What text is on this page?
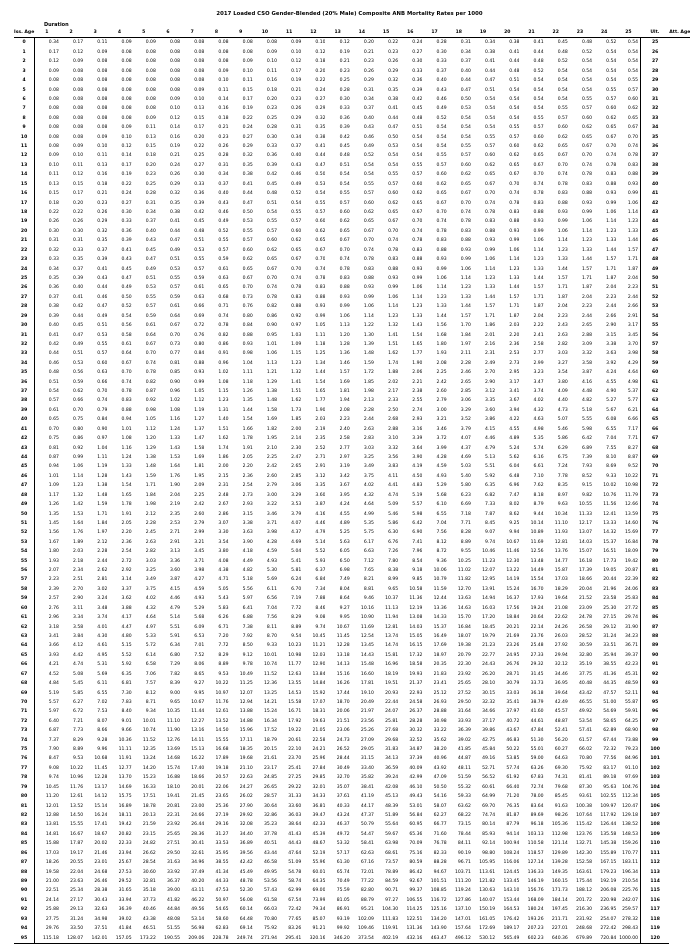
2017 Loaded CSO Gender-Blended (20% Male) Composite ANB Mortality Rates per 1000
Duration
Iss. Age	1	2	3	4	5	6	7	8	9	10	11	12	13	14	15	16	17	18	19	20	21	22	23	24	25	Ult.	Att. Age
0	0.34	0.17	0.11	0.09	0.09	0.08	0.08	0.08	0.08	0.08	0.09	0.10	0.12	0.20	0.22	0.24	0.28	0.31	0.34	0.38	0.41	0.45	0.48	0.52	0.54	25	
1	0.17	0.12	0.09	0.08	0.08	0.08	0.08	0.08	0.08	0.09	0.10	0.12	0.19	0.21	0.23	0.27	0.30	0.34	0.38	0.41	0.44	0.48	0.52	0.54	0.54	26	
2	0.12	0.09	0.08	0.08	0.08	0.08	0.08	0.08	0.09	0.10	0.12	0.18	0.21	0.23	0.26	0.30	0.33	0.37	0.41	0.44	0.48	0.52	0.54	0.54	0.54	27	
3	0.09	0.08	0.08	0.08	0.08	0.08	0.08	0.09	0.10	0.11	0.17	0.20	0.23	0.26	0.29	0.33	0.37	0.40	0.44	0.48	0.52	0.54	0.54	0.54	0.54	28	
4	0.08	0.08	0.08	0.08	0.08	0.08	0.08	0.10	0.11	0.16	0.19	0.22	0.25	0.29	0.32	0.36	0.40	0.44	0.47	0.51	0.54	0.54	0.54	0.54	0.55	29	
5	0.08	0.08	0.08	0.08	0.08	0.08	0.09	0.11	0.15	0.18	0.21	0.24	0.28	0.31	0.35	0.39	0.43	0.47	0.51	0.54	0.54	0.54	0.54	0.55	0.57	30	
6	0.08	0.08	0.08	0.08	0.08	0.09	0.10	0.14	0.17	0.20	0.23	0.27	0.30	0.34	0.38	0.42	0.46	0.50	0.54	0.54	0.54	0.54	0.55	0.57	0.60	31	
7	0.08	0.08	0.08	0.08	0.08	0.10	0.13	0.16	0.19	0.23	0.26	0.29	0.33	0.37	0.41	0.45	0.49	0.53	0.54	0.54	0.54	0.55	0.57	0.60	0.62	32	
8	0.08	0.08	0.08	0.08	0.09	0.12	0.15	0.18	0.22	0.25	0.29	0.32	0.36	0.40	0.44	0.48	0.52	0.54	0.54	0.54	0.55	0.57	0.60	0.62	0.65	33	
9	0.08	0.08	0.08	0.09	0.11	0.14	0.17	0.21	0.24	0.28	0.31	0.35	0.39	0.43	0.47	0.51	0.54	0.54	0.54	0.55	0.57	0.60	0.62	0.65	0.67	34	
10	0.08	0.08	0.09	0.10	0.13	0.16	0.20	0.23	0.27	0.30	0.34	0.38	0.42	0.46	0.50	0.54	0.54	0.54	0.55	0.57	0.60	0.62	0.65	0.67	0.70	35	
11	0.08	0.09	0.10	0.12	0.15	0.19	0.22	0.26	0.29	0.33	0.37	0.41	0.45	0.49	0.53	0.54	0.54	0.55	0.57	0.60	0.62	0.65	0.67	0.70	0.74	36	
12	0.09	0.10	0.11	0.14	0.18	0.21	0.25	0.28	0.32	0.36	0.40	0.44	0.48	0.52	0.54	0.54	0.55	0.57	0.60	0.62	0.65	0.67	0.70	0.74	0.78	37	
13	0.10	0.11	0.13	0.17	0.20	0.24	0.27	0.31	0.35	0.39	0.43	0.47	0.51	0.54	0.54	0.55	0.57	0.60	0.62	0.65	0.67	0.70	0.74	0.78	0.83	38	
14	0.11	0.12	0.16	0.19	0.23	0.26	0.30	0.34	0.38	0.42	0.46	0.50	0.54	0.54	0.55	0.57	0.60	0.62	0.65	0.67	0.70	0.74	0.78	0.83	0.88	39	
15	0.13	0.15	0.18	0.22	0.25	0.29	0.33	0.37	0.41	0.45	0.49	0.53	0.54	0.55	0.57	0.60	0.62	0.65	0.67	0.70	0.74	0.78	0.83	0.88	0.93	40	
16	0.15	0.17	0.21	0.24	0.28	0.32	0.36	0.40	0.44	0.48	0.52	0.54	0.55	0.57	0.60	0.62	0.65	0.67	0.70	0.74	0.78	0.83	0.88	0.93	0.99	41	
17	0.18	0.20	0.23	0.27	0.31	0.35	0.39	0.43	0.47	0.51	0.54	0.55	0.57	0.60	0.62	0.65	0.67	0.70	0.74	0.78	0.83	0.88	0.93	0.99	1.06	42	
18	0.22	0.22	0.26	0.30	0.34	0.38	0.42	0.46	0.50	0.54	0.55	0.57	0.60	0.62	0.65	0.67	0.70	0.74	0.78	0.83	0.88	0.93	0.99	1.06	1.14	43	
19	0.26	0.26	0.29	0.33	0.37	0.41	0.45	0.49	0.53	0.55	0.57	0.60	0.62	0.65	0.67	0.70	0.74	0.78	0.83	0.88	0.93	0.99	1.06	1.14	1.23	44	
20	0.30	0.30	0.32	0.36	0.40	0.44	0.48	0.52	0.55	0.57	0.60	0.62	0.65	0.67	0.70	0.74	0.78	0.83	0.88	0.93	0.99	1.06	1.14	1.23	1.33	45	
21	0.31	0.31	0.35	0.39	0.43	0.47	0.51	0.55	0.57	0.60	0.62	0.65	0.67	0.70	0.74	0.78	0.83	0.88	0.93	0.99	1.06	1.14	1.23	1.33	1.44	46	
22	0.32	0.33	0.37	0.41	0.45	0.49	0.53	0.57	0.60	0.62	0.65	0.67	0.70	0.74	0.78	0.83	0.88	0.93	0.99	1.06	1.14	1.23	1.33	1.44	1.57	47	
23	0.33	0.35	0.39	0.43	0.47	0.51	0.55	0.59	0.62	0.65	0.67	0.70	0.74	0.78	0.83	0.88	0.93	0.99	1.06	1.14	1.23	1.33	1.44	1.57	1.71	48	
24	0.34	0.37	0.41	0.45	0.49	0.53	0.57	0.61	0.65	0.67	0.70	0.74	0.78	0.83	0.88	0.93	0.99	1.06	1.14	1.23	1.33	1.44	1.57	1.71	1.87	49	
25	0.35	0.39	0.43	0.47	0.51	0.55	0.59	0.63	0.67	0.70	0.74	0.78	0.83	0.88	0.93	0.99	1.06	1.14	1.23	1.33	1.44	1.57	1.71	1.87	2.04	50	
26	0.36	0.40	0.44	0.49	0.53	0.57	0.61	0.65	0.70	0.74	0.78	0.83	0.88	0.93	0.99	1.06	1.14	1.23	1.33	1.44	1.57	1.71	1.87	2.04	2.23	51	
27	0.37	0.41	0.46	0.50	0.55	0.59	0.63	0.68	0.73	0.78	0.83	0.88	0.93	0.99	1.06	1.14	1.23	1.33	1.44	1.57	1.71	1.87	2.04	2.23	2.44	52	
28	0.38	0.42	0.47	0.52	0.57	0.61	0.66	0.71	0.76	0.82	0.88	0.93	0.99	1.06	1.14	1.23	1.33	1.44	1.57	1.71	1.87	2.04	2.23	2.44	2.66	53	
29	0.39	0.44	0.49	0.54	0.59	0.64	0.69	0.74	0.80	0.86	0.92	0.99	1.06	1.14	1.23	1.33	1.44	1.57	1.71	1.87	2.04	2.23	2.44	2.66	2.91	54	
30	0.40	0.45	0.51	0.56	0.61	0.67	0.72	0.78	0.84	0.90	0.97	1.05	1.13	1.22	1.32	1.43	1.56	1.70	1.86	2.03	2.22	2.43	2.65	2.90	3.17	55	
31	0.41	0.47	0.53	0.58	0.64	0.70	0.76	0.82	0.88	0.95	1.03	1.11	1.20	1.30	1.41	1.54	1.68	1.84	2.01	2.20	2.41	2.63	2.88	3.15	3.45	56	
32	0.42	0.49	0.55	0.61	0.67	0.73	0.80	0.86	0.93	1.01	1.09	1.18	1.28	1.39	1.51	1.65	1.80	1.97	2.16	2.36	2.58	2.82	3.09	3.38	3.70	57	
33	0.44	0.51	0.57	0.64	0.70	0.77	0.84	0.91	0.98	1.06	1.15	1.25	1.36	1.48	1.62	1.77	1.93	2.11	2.31	2.53	2.77	3.03	3.32	3.63	3.98	58	
34	0.46	0.53	0.60	0.67	0.74	0.81	0.88	0.96	1.04	1.13	1.23	1.34	1.46	1.59	1.74	1.90	2.08	2.28	2.49	2.73	2.99	3.27	3.58	3.92	4.29	59	
35	0.48	0.56	0.63	0.70	0.78	0.85	0.93	1.02	1.11	1.21	1.32	1.44	1.57	1.72	1.88	2.06	2.25	2.46	2.70	2.95	3.23	3.54	3.87	4.24	4.64	60	
36	0.51	0.59	0.66	0.74	0.82	0.90	0.99	1.08	1.18	1.29	1.41	1.54	1.69	1.85	2.02	2.21	2.42	2.65	2.90	3.17	3.47	3.80	4.16	4.55	4.98	61	
37	0.54	0.62	0.70	0.78	0.87	0.96	1.05	1.15	1.26	1.38	1.51	1.65	1.81	1.98	2.17	2.38	2.60	2.85	3.12	3.41	3.74	4.09	4.48	4.90	5.37	62	
38	0.57	0.66	0.74	0.83	0.92	1.02	1.12	1.23	1.35	1.48	1.62	1.77	1.94	2.13	2.33	2.55	2.79	3.06	3.35	3.67	4.02	4.40	4.82	5.27	5.77	63	
39	0.61	0.70	0.79	0.88	0.98	1.08	1.19	1.31	1.44	1.58	1.73	1.90	2.08	2.28	2.50	2.74	3.00	3.29	3.60	3.94	4.32	4.73	5.18	5.67	6.21	64	
40	0.65	0.75	0.84	0.94	1.05	1.16	1.27	1.40	1.54	1.69	1.85	2.03	2.23	2.44	2.68	2.93	3.21	3.52	3.86	4.22	4.63	5.07	5.55	6.08	6.66	65	
41	0.70	0.80	0.90	1.01	1.12	1.24	1.37	1.51	1.66	1.82	2.00	2.19	2.40	2.63	2.88	3.16	3.46	3.79	4.15	4.55	4.98	5.46	5.98	6.55	7.17	66	
42	0.75	0.86	0.97	1.08	1.20	1.33	1.47	1.62	1.78	1.95	2.14	2.35	2.58	2.83	3.10	3.39	3.72	4.07	4.46	4.89	5.35	5.86	6.42	7.04	7.71	67	
43	0.81	0.92	1.04	1.16	1.29	1.43	1.58	1.74	1.91	2.10	2.30	2.52	2.77	3.03	3.32	3.64	3.99	4.37	4.79	5.24	5.74	6.29	6.89	7.55	8.27	68	
44	0.87	0.99	1.11	1.24	1.38	1.53	1.69	1.86	2.05	2.25	2.47	2.71	2.97	3.25	3.56	3.90	4.28	4.69	5.13	5.62	6.16	6.75	7.39	8.10	8.87	69	
45	0.94	1.06	1.19	1.33	1.48	1.64	1.81	2.00	2.20	2.42	2.65	2.91	3.19	3.49	3.83	4.19	4.59	5.03	5.51	6.04	6.61	7.24	7.93	8.69	9.52	70	
46	1.01	1.14	1.28	1.43	1.59	1.76	1.95	2.15	2.36	2.60	2.85	3.12	3.42	3.75	4.11	4.50	4.93	5.40	5.92	6.48	7.10	7.78	8.52	9.33	10.22	71	
47	1.09	1.23	1.38	1.54	1.71	1.90	2.09	2.31	2.54	2.79	3.06	3.35	3.67	4.02	4.41	4.83	5.29	5.80	6.35	6.96	7.62	8.35	9.15	10.02	10.98	72	
48	1.17	1.32	1.48	1.65	1.84	2.04	2.25	2.48	2.73	3.00	3.29	3.60	3.95	4.32	4.74	5.19	5.68	6.23	6.82	7.47	8.18	8.97	9.82	10.76	11.79	73	
49	1.26	1.42	1.59	1.78	1.98	2.19	2.42	2.67	2.93	3.22	3.53	3.87	4.24	4.64	5.09	5.57	6.10	6.69	7.33	8.02	8.79	9.63	10.55	11.56	12.66	74	
50	1.35	1.53	1.71	1.91	2.12	2.35	2.60	2.86	3.15	3.46	3.79	4.16	4.55	4.99	5.46	5.98	6.55	7.18	7.87	8.62	9.44	10.34	11.33	12.41	13.59	75	
51	1.45	1.64	1.84	2.05	2.28	2.53	2.79	3.07	3.38	3.71	4.07	4.46	4.89	5.35	5.86	6.42	7.04	7.71	8.45	9.25	10.14	11.10	12.17	13.33	14.60	76	
52	1.56	1.76	1.97	2.20	2.45	2.71	2.99	3.30	3.63	3.98	4.37	4.79	5.25	5.75	6.30	6.90	7.56	8.28	9.07	9.94	10.89	11.93	13.07	14.32	15.69	77	
53	1.67	1.89	2.12	2.36	2.63	2.91	3.21	3.54	3.90	4.28	4.69	5.14	5.63	6.17	6.76	7.41	8.12	8.89	9.74	10.67	11.69	12.81	14.03	15.37	16.84	78	
54	1.80	2.03	2.28	2.54	2.82	3.13	3.45	3.80	4.18	4.59	5.04	5.52	6.05	6.63	7.26	7.96	8.72	9.55	10.46	11.46	12.56	13.76	15.07	16.51	18.09	79	
55	1.93	2.18	2.44	2.72	3.03	3.36	3.71	4.08	4.49	4.93	5.41	5.93	6.50	7.12	7.80	8.54	9.36	10.25	11.23	12.30	13.48	14.77	16.18	17.73	19.42	80	
56	2.07	2.34	2.62	2.92	3.25	3.60	3.98	4.38	4.82	5.30	5.81	6.37	6.98	7.65	8.38	9.18	10.06	11.02	12.07	13.22	14.49	15.87	17.39	19.05	20.87	81	
57	2.23	2.51	2.81	3.14	3.49	3.87	4.27	4.71	5.18	5.69	6.24	6.84	7.49	8.21	8.99	9.85	10.79	11.82	12.95	14.19	15.54	17.03	18.66	20.44	22.39	82	
58	2.39	2.70	3.02	3.37	3.75	4.15	4.59	5.05	5.56	6.11	6.70	7.34	8.04	8.81	9.65	10.58	11.59	12.70	13.91	15.24	16.70	18.29	20.04	21.96	24.06	83	
59	2.57	2.90	3.24	3.62	4.02	4.46	4.93	5.43	5.97	6.56	7.19	7.88	8.64	9.46	10.37	11.36	12.44	13.63	14.94	16.37	17.93	19.64	21.52	23.58	25.83	84	
60	2.76	3.11	3.48	3.88	4.32	4.79	5.29	5.83	6.41	7.04	7.72	8.46	9.27	10.16	11.13	12.19	13.36	14.63	16.03	17.56	19.24	21.08	23.09	25.30	27.72	85	
61	2.96	3.34	3.74	4.17	4.64	5.14	5.68	6.26	6.88	7.56	8.29	9.08	9.95	10.90	11.94	13.08	14.33	15.70	17.20	18.84	20.64	22.62	24.78	27.15	29.74	86	
62	3.18	3.58	4.01	4.47	4.97	5.51	6.09	6.71	7.38	8.11	8.89	9.74	10.67	11.69	12.81	14.03	15.37	16.84	18.45	20.21	22.14	24.26	26.58	29.12	31.90	87	
63	3.41	3.84	4.30	4.80	5.33	5.91	6.53	7.20	7.92	8.70	9.54	10.45	11.45	12.54	13.74	15.05	16.49	18.07	19.79	21.69	23.76	26.03	28.52	31.24	34.23	88	
64	3.66	4.12	4.61	5.15	5.72	6.34	7.01	7.72	8.50	9.33	10.23	11.21	12.28	13.45	14.74	16.15	17.69	19.38	21.23	23.26	25.48	27.92	30.59	33.51	36.71	89	
65	3.93	4.42	4.95	5.52	6.14	6.80	7.52	8.29	9.12	10.01	10.98	12.03	13.18	14.43	15.81	17.32	18.97	20.79	22.77	24.95	27.33	29.94	32.80	35.94	39.37	90	
66	4.21	4.74	5.31	5.92	6.58	7.29	8.06	8.89	9.78	10.74	11.77	12.90	14.13	15.48	16.96	18.58	20.35	22.30	24.43	26.76	29.32	32.12	35.19	38.55	42.23	91	
67	4.52	5.08	5.69	6.35	7.06	7.82	8.65	9.53	10.49	11.52	12.63	13.84	15.16	16.60	18.19	19.93	21.83	23.92	26.20	28.71	31.45	34.46	37.75	41.36	45.31	92	
68	4.84	5.45	6.11	6.81	7.57	8.39	9.27	10.22	11.25	12.36	13.55	14.84	16.26	17.81	19.51	21.37	23.41	25.65	28.10	30.79	33.73	36.95	40.48	44.35	48.59	93	
69	5.19	5.85	6.55	7.30	8.12	9.00	9.95	10.97	12.07	13.25	14.53	15.92	17.44	19.10	20.93	22.93	25.12	27.52	30.15	33.03	36.18	39.64	43.42	47.57	52.11	94	
70	5.57	6.27	7.02	7.83	8.71	9.65	10.67	11.76	12.94	14.21	15.58	17.07	18.70	20.49	22.44	24.58	26.93	29.50	32.32	35.41	38.79	42.49	46.55	51.00	55.87	95	
71	5.97	6.72	7.53	8.40	9.34	10.35	11.44	12.61	13.88	15.24	16.71	18.31	20.06	21.97	24.07	26.37	28.88	31.64	34.66	37.97	41.60	45.57	49.92	54.69	59.91	96	
72	6.40	7.21	8.07	9.01	10.01	11.10	12.27	13.52	14.88	16.34	17.92	19.63	21.51	23.56	25.81	28.28	30.98	33.93	37.17	40.72	44.61	48.87	53.54	58.65	64.25	97	
73	6.87	7.73	8.66	9.66	10.74	11.90	13.16	14.50	15.96	17.52	19.22	21.05	23.06	25.26	27.68	30.32	33.22	36.39	39.86	43.67	47.84	52.41	57.41	62.89	68.90	98	
74	7.37	8.29	9.28	10.36	11.52	12.76	14.11	15.55	17.11	18.79	20.61	22.58	24.73	27.09	29.68	32.52	35.62	39.02	42.75	46.83	51.30	56.20	61.57	67.44	73.88	99	
75	7.90	8.89	9.96	11.11	12.35	13.69	15.13	16.68	18.35	20.15	22.10	24.21	26.52	29.05	31.83	34.87	38.20	41.85	45.84	50.22	55.01	60.27	66.02	72.32	79.23	100	
76	8.47	9.53	10.68	11.91	13.24	14.68	16.22	17.89	19.68	21.61	23.70	25.96	28.44	31.15	34.13	37.39	40.96	44.87	49.16	53.85	59.00	64.63	70.80	77.56	84.96	101	
77	9.08	10.22	11.45	12.77	14.20	15.74	17.40	19.18	21.10	23.17	25.41	27.84	30.49	33.40	36.59	40.09	43.92	48.11	52.71	57.74	63.26	69.30	75.92	83.17	91.10	102	
78	9.74	10.96	12.28	13.70	15.23	16.88	18.66	20.57	22.63	24.85	27.25	29.85	32.70	35.82	39.24	42.99	47.09	51.59	56.52	61.92	67.83	74.31	81.41	89.18	97.69	103	
79	10.45	11.76	13.17	14.69	16.33	18.10	20.01	22.06	24.27	26.65	29.22	32.01	35.07	38.41	42.08	46.10	50.50	55.32	60.61	66.40	72.74	79.68	87.30	95.63	104.76	104	
80	11.20	12.61	14.12	15.75	17.51	19.41	21.45	23.65	26.02	28.57	31.33	34.33	37.61	41.19	45.13	49.43	54.16	59.33	64.99	71.20	78.00	85.45	93.61	102.55	112.34	105	
81	12.01	13.52	15.14	16.89	18.78	20.81	23.00	25.36	27.90	30.64	33.60	36.81	40.33	44.17	48.39	53.01	58.07	63.62	69.70	76.35	83.64	91.63	100.38	109.97	120.47	106	
82	12.88	14.50	16.24	18.11	20.13	22.31	24.66	27.19	29.92	32.86	36.03	39.47	43.24	47.37	51.89	56.84	62.27	68.22	74.74	81.87	89.69	98.26	107.64	117.92	129.18	107	
83	13.81	15.55	17.41	19.42	21.59	23.92	26.44	29.16	32.08	35.23	38.64	42.33	46.37	50.79	55.64	60.95	66.77	73.15	80.14	87.79	96.18	105.36	115.42	126.44	138.52	108	
84	14.81	16.67	18.67	20.82	23.15	25.65	28.36	31.27	34.40	37.78	41.43	45.39	49.72	54.47	59.67	65.36	71.60	78.44	85.93	94.14	103.13	112.98	123.76	135.58	148.53	109	
85	15.88	17.87	20.02	22.33	24.82	27.51	30.41	33.53	36.89	40.51	44.43	48.67	53.32	58.41	63.98	70.09	76.78	84.11	92.14	100.94	110.58	121.14	132.71	145.38	159.26	110	
86	17.03	19.17	21.46	23.94	26.62	29.50	32.61	35.95	39.56	43.44	47.64	52.19	57.17	62.63	68.61	75.16	82.33	90.19	98.80	108.24	118.57	129.89	142.30	155.89	170.77	111	
87	18.26	20.55	23.01	25.67	28.54	31.63	34.96	38.55	42.42	46.58	51.09	55.96	61.30	67.16	73.57	80.59	88.28	96.71	105.95	116.06	127.14	139.28	152.58	167.15	183.11	112	
88	19.58	22.04	24.68	27.53	30.60	33.92	37.49	41.34	45.49	49.95	54.78	60.01	65.74	72.01	78.89	86.42	94.67	103.71	113.61	124.45	136.33	149.35	163.61	179.23	196.34	113	
89	21.00	23.63	26.46	29.52	32.81	36.37	40.20	44.33	48.78	53.56	58.74	64.35	70.49	77.22	84.59	92.67	101.51	111.20	121.82	133.45	146.19	160.15	175.44	192.19	210.54	114	
90	22.51	25.34	28.38	31.65	35.18	39.00	43.11	47.53	52.30	57.43	62.99	69.00	75.59	82.80	90.71	99.37	108.85	119.24	130.63	143.10	156.76	171.73	188.12	206.08	225.76	115	
91	24.14	27.17	30.43	33.94	37.73	41.82	46.22	50.97	56.08	61.58	67.54	73.99	81.05	88.79	97.27	106.55	116.72	127.86	140.07	153.44	168.09	184.14	201.72	220.98	242.07	116	
92	25.88	29.13	32.63	36.39	40.46	44.84	49.56	54.65	60.14	66.03	72.42	79.34	86.91	95.21	104.30	114.25	125.16	137.10	150.19	164.53	180.24	197.45	216.30	236.95	259.57	117	
93	27.75	31.24	34.98	39.02	43.38	48.08	53.14	58.60	64.48	70.80	77.65	85.07	93.19	102.09	111.83	122.51	134.20	147.01	161.05	176.42	193.26	211.71	231.92	254.07	278.32	118	
94	29.76	33.50	37.51	41.84	46.51	51.55	56.98	62.83	69.14	75.92	83.26	91.21	99.92	109.46	119.91	131.36	143.90	157.64	172.69	189.17	207.23	227.01	248.68	272.42	298.43	119	
95	115.18	128.07	142.01	157.05	173.22	190.55	209.06	228.78	249.74	271.94	295.41	320.16	346.20	373.54	402.19	432.16	463.47	496.12	530.12	565.49	602.23	640.36	679.89	720.84	1000.00	120	
